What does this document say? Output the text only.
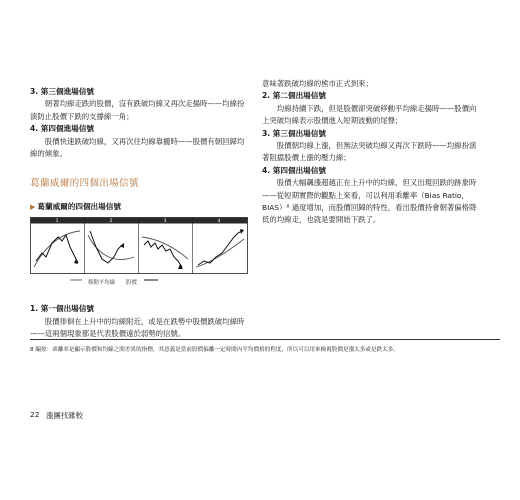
3. 第三個進場信號
朝著均線走跌的股價，沒有跌破均線又再次走揚時——均線扮演防止股價下跌的支撐線一角；
4. 第四個進場信號
股價快速跌破均線，又再次往均線靠攏時——股價有朝回歸均線的傾象。
葛蘭威爾的四個出場信號
▶ 葛蘭威爾的四個出場信號
1	2	3	4
移動平均線 股價
1. 第一個出場信號
股價徘徊在上升中的均線附近，或是在跌勢中股價跌破均線時——這兩個現象都是代表股價遠於弱勢的信號。
意味著跌破均線的熊市正式到來；
2. 第二個出場信號
均線持續下跌，但是股價卻突破移動平均線走揚時——股價向上突破均線表示股價進入短期波動的尾聲；
3. 第三個出場信號
股價朝均線上漲，但無法突破均線又再次下跌時——均線扮演著阻擋股價上漲的壓力線；
4. 第四個出場信號
股價大幅飆漲超越正在上升中的均線，但又出現回跌的跡象時——從短期實際的觀點上來看，可以利用乖離率（Bias Ratio, BIAS）⁸ 過度增加，而股價回歸的特性，看出股價持會朝著偏格降低的均線走，也就是要開始下跌了。
8 編按：乖離率是顯示股價和均線之間差異的指標，其意義是當前股價偏離一定時間內平均價格的程度，所以可以用來檢視股價是漲太多或是跌太多。
22 漲團找雜較
